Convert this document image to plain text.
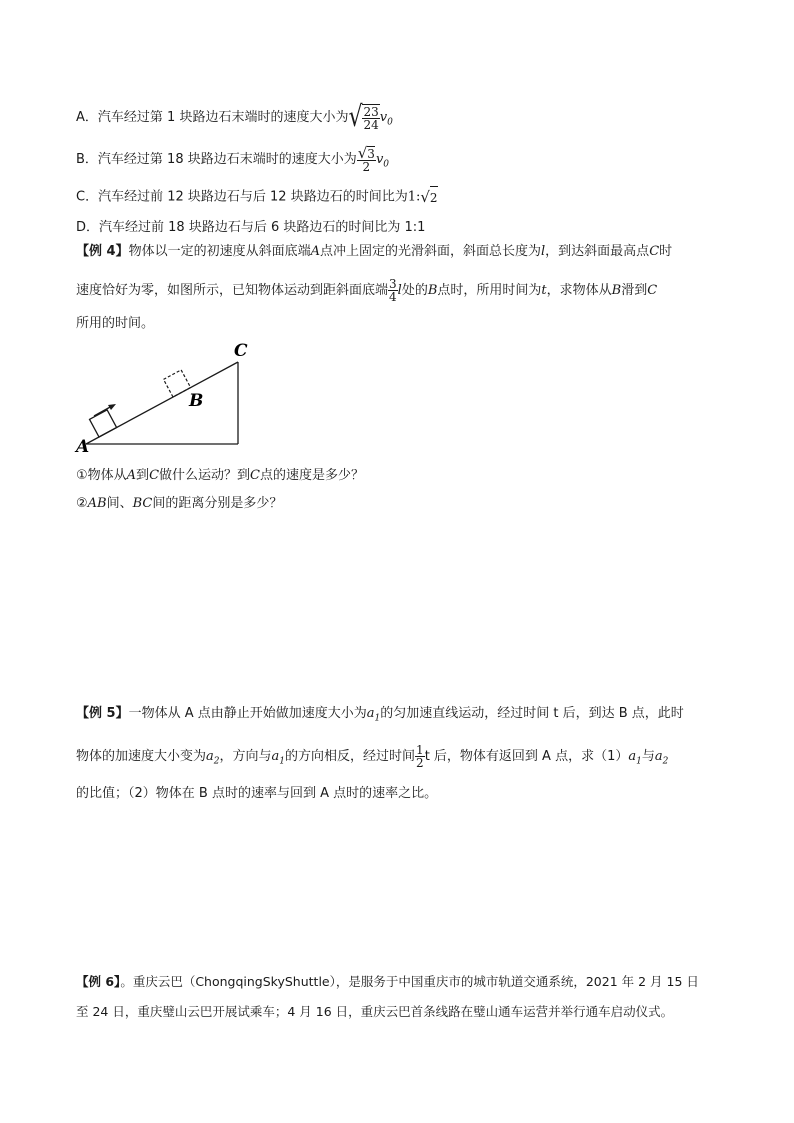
A．汽车经过第 1 块路边石末端时的速度大小为√ $\frac{23}{24} v_0$
B．汽车经过第 18 块路边石末端时的速度大小为 $\frac{√3}{2} v_0$
C．汽车经过前 12 块路边石与后 12 块路边石的时间比为1:√2
D．汽车经过前 18 块路边石与后 6 块路边石的时间比为 1:1
【例 4】物体以一定的初速度从斜面底端A点冲上固定的光滑斜面，斜面总长度为l，到达斜面最高点C时
速度恰好为零，如图所示，已知物体运动到距斜面底端 $\frac{3}{4}$ l处的B点时，所用时间为t，求物体从B滑到C
所用的时间。
A
B
C
①物体从A到C做什么运动？到C点的速度是多少？
②AB间、BC间的距离分别是多少？
【例 5】一物体从 A 点由静止开始做加速度大小为$a_1$的匀加速直线运动，经过时间 t 后，到达 B 点，此时
物体的加速度大小变为$a_2$，方向与$a_1$的方向相反，经过时间 $\frac{1}{2}$ t 后，物体有返回到 A 点，求$(1)a_1$与$a_2$
的比值；（2）物体在 B 点时的速率与回到 A 点时的速率之比。
【例 6】。重庆云巴（ChongqingSkyShuttle），是服务于中国重庆市的城市轨道交通系统，2021 年 2 月 15 日
至 24 日，重庆璧山云巴开展试乘车；4 月 16 日，重庆云巴首条线路在璧山通车运营并举行通车启动仪式。
